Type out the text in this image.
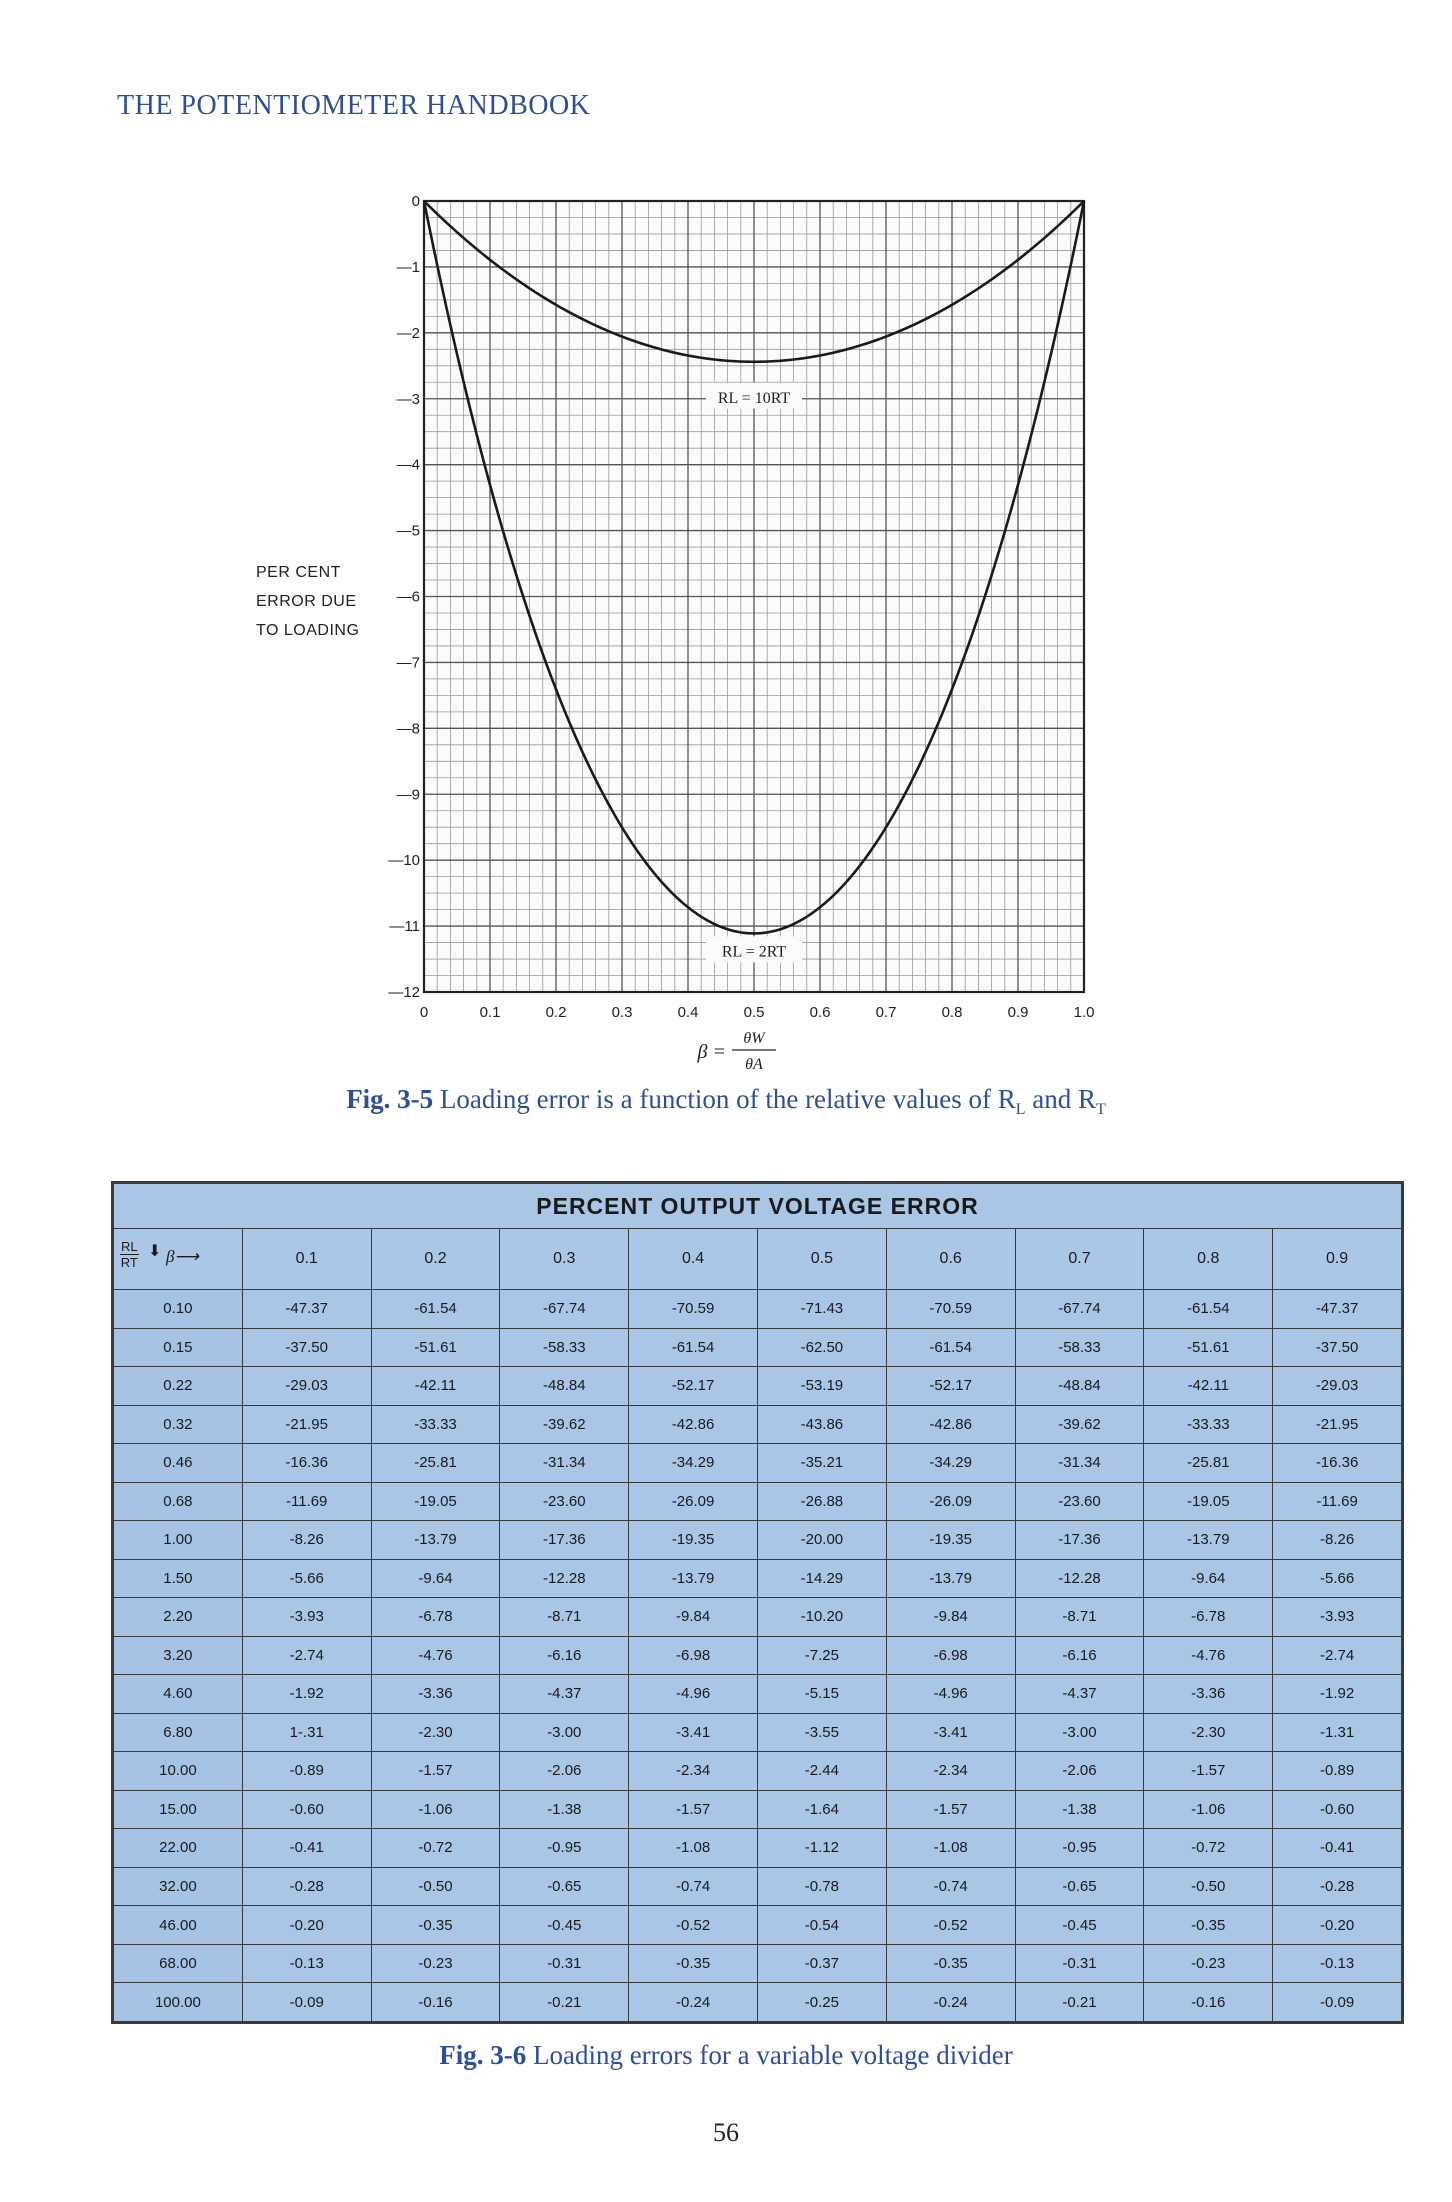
THE POTENTIOMETER HANDBOOK
0	0.1	0.2	0.3	0.4	0.5	0.6	0.7	0.8	0.9	1.0
0
—1
—2
—3
—4
—5
—6
—7
—8
—9
—10
—11
—12
RL = 10RT
RL = 2RT
PER CENT
ERROR DUE
TO LOADING
β =
θW
θA
Fig. 3-5 Loading error is a function of the relative values of $R_L$ and $R_T$
PERCENT OUTPUT VOLTAGE ERROR									

$\frac{RL}{RT}$ ⬇ β⟶	0.1	0.2	0.3	0.4	0.5	0.6	0.7	0.8	0.9
0.10	-47.37	-61.54	-67.74	-70.59	-71.43	-70.59	-67.74	-61.54	-47.37
0.15	-37.50	-51.61	-58.33	-61.54	-62.50	-61.54	-58.33	-51.61	-37.50
0.22	-29.03	-42.11	-48.84	-52.17	-53.19	-52.17	-48.84	-42.11	-29.03
0.32	-21.95	-33.33	-39.62	-42.86	-43.86	-42.86	-39.62	-33.33	-21.95
0.46	-16.36	-25.81	-31.34	-34.29	-35.21	-34.29	-31.34	-25.81	-16.36
0.68	-11.69	-19.05	-23.60	-26.09	-26.88	-26.09	-23.60	-19.05	-11.69
1.00	-8.26	-13.79	-17.36	-19.35	-20.00	-19.35	-17.36	-13.79	-8.26
1.50	-5.66	-9.64	-12.28	-13.79	-14.29	-13.79	-12.28	-9.64	-5.66
2.20	-3.93	-6.78	-8.71	-9.84	-10.20	-9.84	-8.71	-6.78	-3.93
3.20	-2.74	-4.76	-6.16	-6.98	-7.25	-6.98	-6.16	-4.76	-2.74
4.60	-1.92	-3.36	-4.37	-4.96	-5.15	-4.96	-4.37	-3.36	-1.92
6.80	1-.31	-2.30	-3.00	-3.41	-3.55	-3.41	-3.00	-2.30	-1.31
10.00	-0.89	-1.57	-2.06	-2.34	-2.44	-2.34	-2.06	-1.57	-0.89
15.00	-0.60	-1.06	-1.38	-1.57	-1.64	-1.57	-1.38	-1.06	-0.60
22.00	-0.41	-0.72	-0.95	-1.08	-1.12	-1.08	-0.95	-0.72	-0.41
32.00	-0.28	-0.50	-0.65	-0.74	-0.78	-0.74	-0.65	-0.50	-0.28
46.00	-0.20	-0.35	-0.45	-0.52	-0.54	-0.52	-0.45	-0.35	-0.20
68.00	-0.13	-0.23	-0.31	-0.35	-0.37	-0.35	-0.31	-0.23	-0.13
100.00	-0.09	-0.16	-0.21	-0.24	-0.25	-0.24	-0.21	-0.16	-0.09
Fig. 3-6 Loading errors for a variable voltage divider
56
